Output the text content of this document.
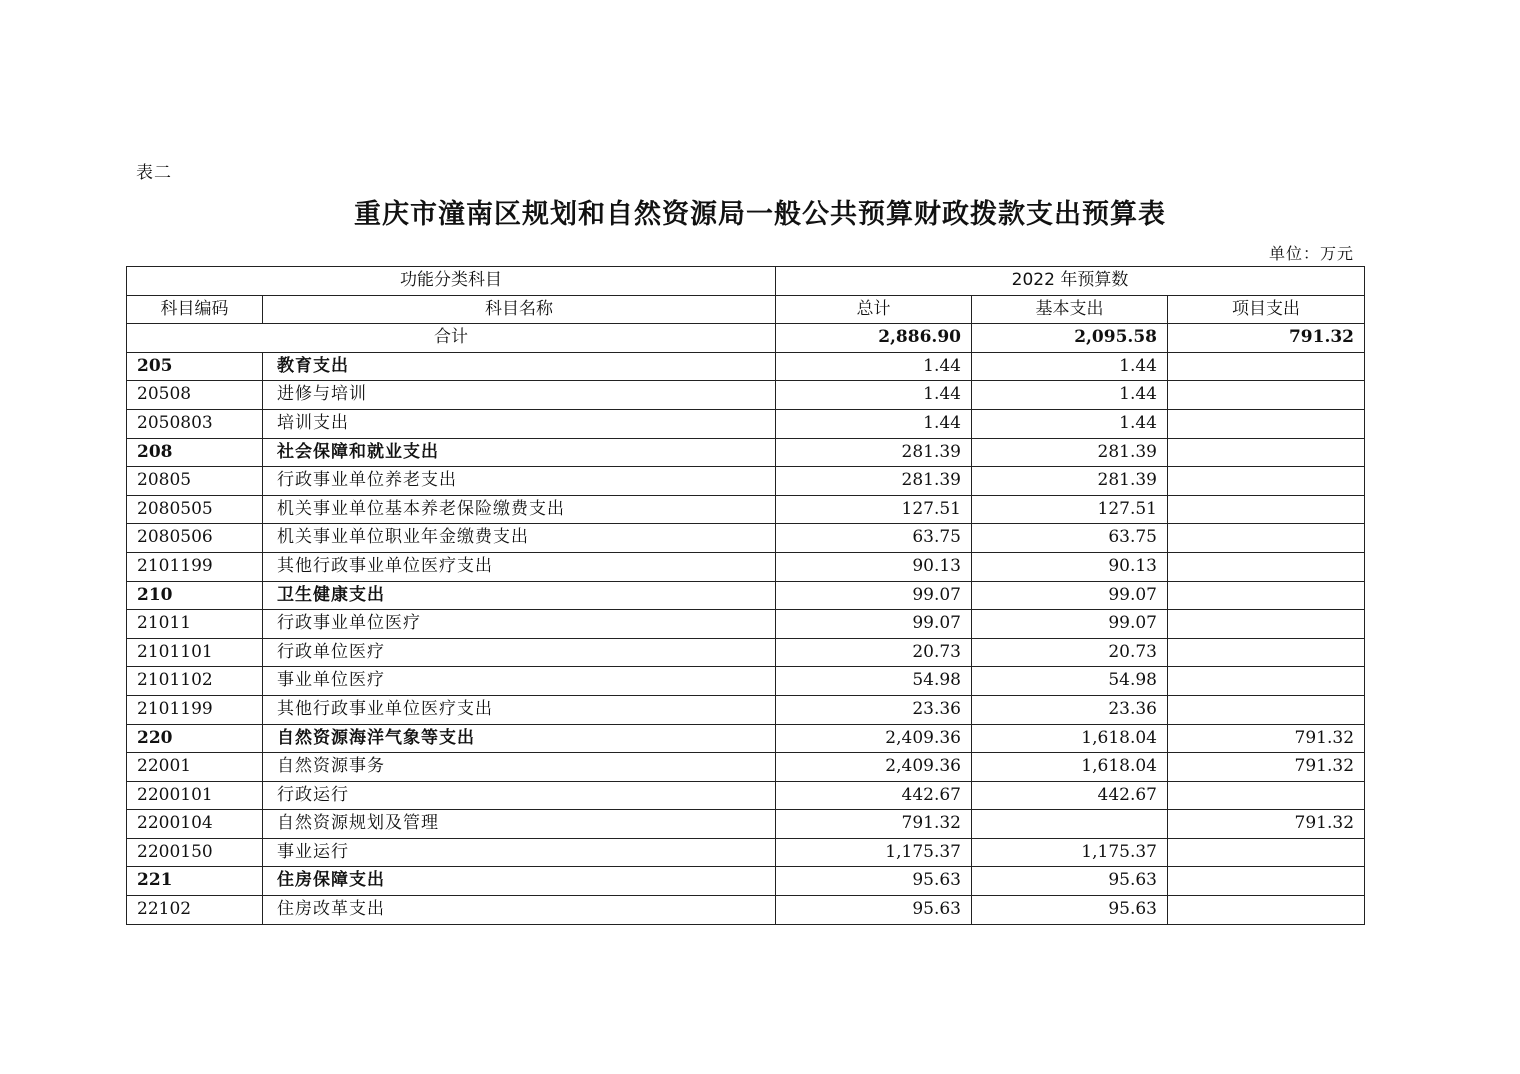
表二
重庆市潼南区规划和自然资源局一般公共预算财政拨款支出预算表
单位：万元
功能分类科目		2022 年预算数		
科目编码	科目名称	总计	基本支出	项目支出
合计		2,886.90	2,095.58	791.32
205	教育支出	1.44	1.44	
20508	进修与培训	1.44	1.44	
2050803	培训支出	1.44	1.44	
208	社会保障和就业支出	281.39	281.39	
20805	行政事业单位养老支出	281.39	281.39	
2080505	机关事业单位基本养老保险缴费支出	127.51	127.51	
2080506	机关事业单位职业年金缴费支出	63.75	63.75	
2101199	其他行政事业单位医疗支出	90.13	90.13	
210	卫生健康支出	99.07	99.07	
21011	行政事业单位医疗	99.07	99.07	
2101101	行政单位医疗	20.73	20.73	
2101102	事业单位医疗	54.98	54.98	
2101199	其他行政事业单位医疗支出	23.36	23.36	
220	自然资源海洋气象等支出	2,409.36	1,618.04	791.32
22001	自然资源事务	2,409.36	1,618.04	791.32
2200101	行政运行	442.67	442.67	
2200104	自然资源规划及管理	791.32		791.32
2200150	事业运行	1,175.37	1,175.37	
221	住房保障支出	95.63	95.63	
22102	住房改革支出	95.63	95.63	
